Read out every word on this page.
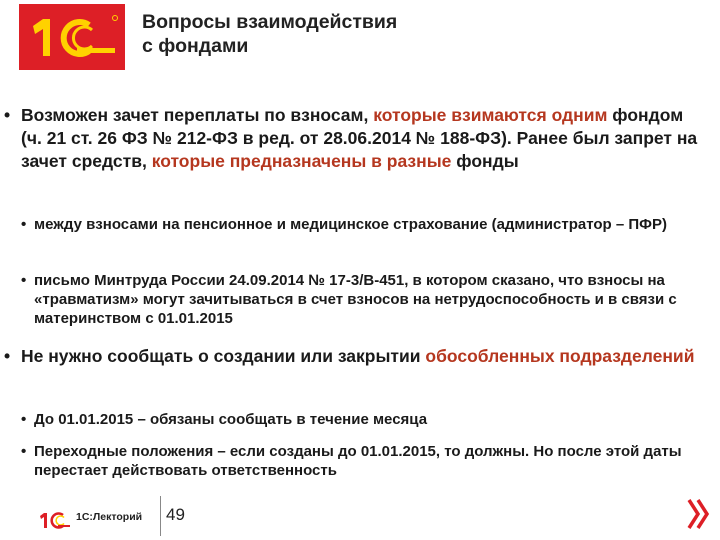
Вопросы взаимодействия
с фондами
• Возможен зачет переплаты по взносам, которые взимаются одним фондом (ч. 21 ст. 26 ФЗ № 212-ФЗ в ред. от 28.06.2014 № 188-ФЗ). Ранее был запрет на зачет средств, которые предназначены в разные фонды
• между взносами на пенсионное и медицинское страхование (администратор – ПФР)
• письмо Минтруда России 24.09.2014 № 17-3/В-451, в котором сказано, что взносы на «травматизм» могут зачитываться в счет взносов на нетрудоспособность и в связи с материнством с 01.01.2015
• Не нужно сообщать о создании или закрытии обособленных подразделений
• До 01.01.2015 – обязаны сообщать в течение месяца
• Переходные положения – если созданы до 01.01.2015, то должны. Но после этой даты перестает действовать ответственность
1С:Лекторий 49
